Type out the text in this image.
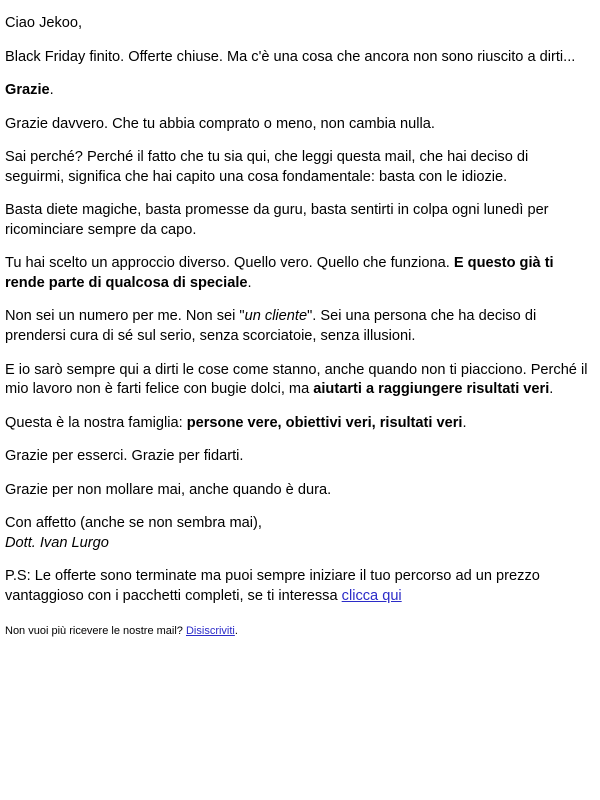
Ciao Jekoo,

Black Friday finito. Offerte chiuse. Ma c'è una cosa che ancora non sono riuscito a dirti...

Grazie.

Grazie davvero. Che tu abbia comprato o meno, non cambia nulla.

Sai perché? Perché il fatto che tu sia qui, che leggi questa mail, che hai deciso di seguirmi, significa che hai capito una cosa fondamentale: basta con le idiozie.

Basta diete magiche, basta promesse da guru, basta sentirti in colpa ogni lunedì per ricominciare sempre da capo.

Tu hai scelto un approccio diverso. Quello vero. Quello che funziona. E questo già ti rende parte di qualcosa di speciale.

Non sei un numero per me. Non sei "un cliente". Sei una persona che ha deciso di prendersi cura di sé sul serio, senza scorciatoie, senza illusioni.

E io sarò sempre qui a dirti le cose come stanno, anche quando non ti piacciono. Perché il mio lavoro non è farti felice con bugie dolci, ma aiutarti a raggiungere risultati veri.

Questa è la nostra famiglia: persone vere, obiettivi veri, risultati veri.

Grazie per esserci. Grazie per fidarti.

Grazie per non mollare mai, anche quando è dura.

Con affetto (anche se non sembra mai),
Dott. Ivan Lurgo

P.S: Le offerte sono terminate ma puoi sempre iniziare il tuo percorso ad un prezzo vantaggioso con i pacchetti completi, se ti interessa clicca qui

Non vuoi più ricevere le nostre mail? Disiscriviti.
